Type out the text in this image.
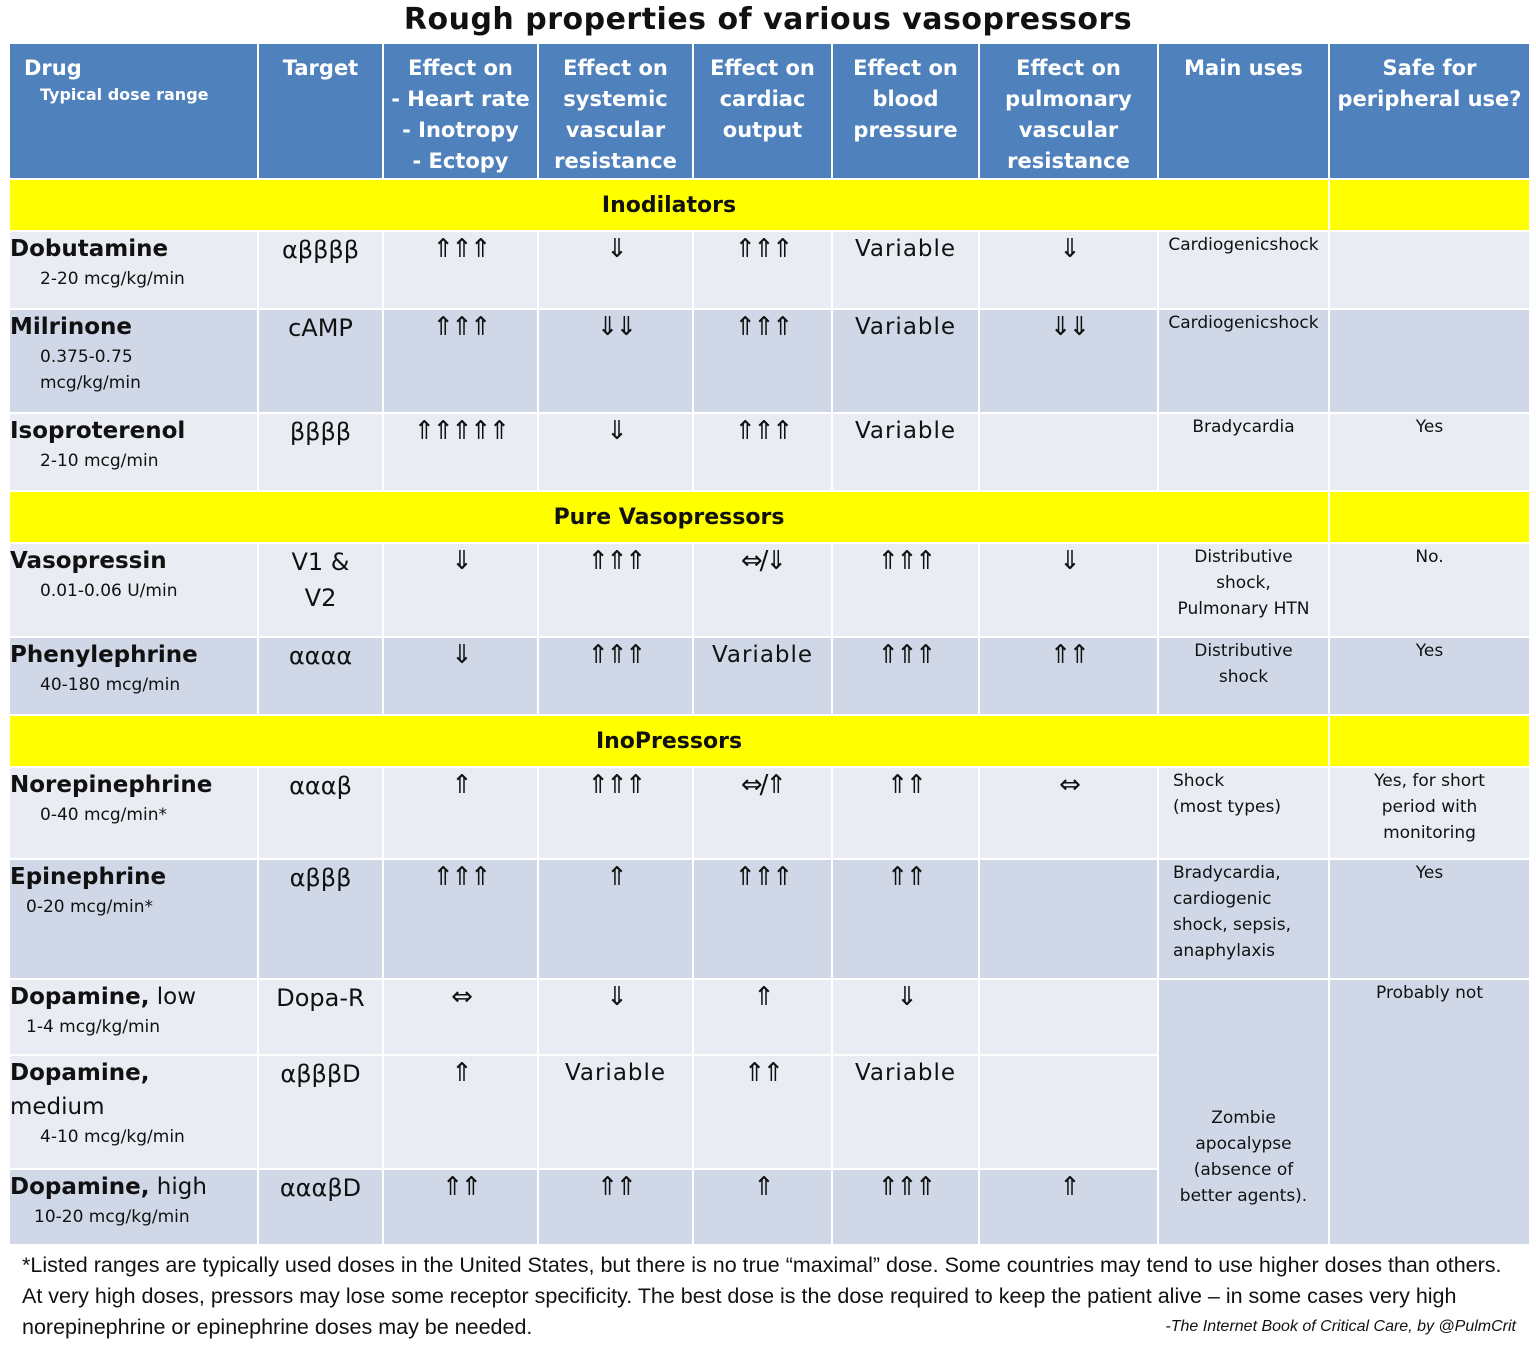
Rough properties of various vasopressors
Drug
Typical dose range	Target	Effect on
- Heart rate
- Inotropy
- Ectopy	Effect on
systemic
vascular
resistance	Effect on
cardiac
output	Effect on
blood
pressure	Effect on
pulmonary
vascular
resistance	Main uses	Safe for
peripheral use?

Inodilators								

Dobutamine
2-20 mcg/kg/min	αββββ	⇑⇑⇑	⇓	⇑⇑⇑	Variable	⇓	Cardiogenicshock	

Milrinone
0.375-0.75
mcg/kg/min	cAMP	⇑⇑⇑	⇓⇓	⇑⇑⇑	Variable	⇓⇓	Cardiogenicshock	

Isoproterenol
2-10 mcg/min	ββββ	⇑⇑⇑⇑⇑	⇓	⇑⇑⇑	Variable		Bradycardia	Yes
Pure Vasopressors								

Vasopressin
0.01-0.06 U/min	V1 &
V2	⇓	⇑⇑⇑	⇔/⇓	⇑⇑⇑	⇓	Distributive
shock,
Pulmonary HTN	No.

Phenylephrine
40-180 mcg/min	αααα	⇓	⇑⇑⇑	Variable	⇑⇑⇑	⇑⇑	Distributive
shock	Yes
InoPressors								

Norepinephrine
0-40 mcg/min*	αααβ	⇑	⇑⇑⇑	⇔/⇑	⇑⇑	⇔	Shock
(most types)	Yes, for short
period with
monitoring

Epinephrine
0-20 mcg/min*	αβββ	⇑⇑⇑	⇑	⇑⇑⇑	⇑⇑		Bradycardia,
cardiogenic
shock, sepsis,
anaphylaxis	Yes

Dopamine, low
1-4 mcg/kg/min	Dopa-R	⇔	⇓	⇑	⇓		Zombie
apocalypse
(absence of
better agents).	Probably not

Dopamine,
medium
4-10 mcg/kg/min	αβββD	⇑	Variable	⇑⇑	Variable			

Dopamine, high
10-20 mcg/kg/min	αααβD	⇑⇑	⇑⇑	⇑	⇑⇑⇑	⇑		
*Listed ranges are typically used doses in the United States, but there is no true “maximal” dose. Some countries may tend to use higher doses than others. At very high doses, pressors may lose some receptor specificity. The best dose is the dose required to keep the patient alive – in some cases very high norepinephrine or epinephrine doses may be needed.	-The Internet Book of Critical Care, by @PulmCrit
